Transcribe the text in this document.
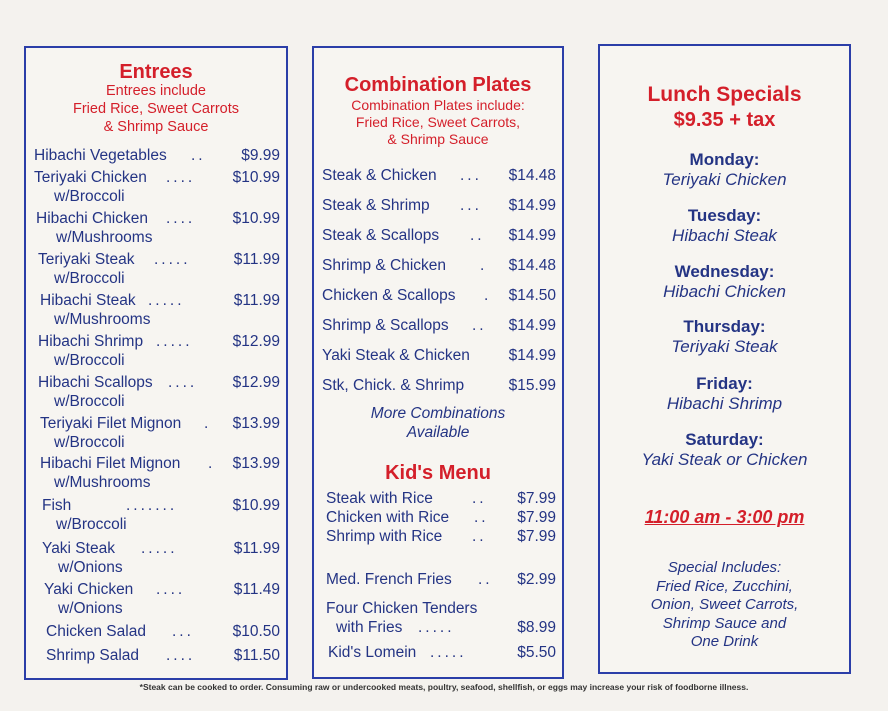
Entrees
Entrees include
Fried Rice, Sweet Carrots
& Shrimp Sauce
Hibachi Vegetables .. $9.99
Teriyaki Chicken .... $10.99
w/Broccoli
Hibachi Chicken .... $10.99
w/Mushrooms
Teriyaki Steak .....	$11.99
w/Broccoli
Hibachi Steak .....	$11.99
w/Mushrooms
Hibachi Shrimp .....	$12.99
w/Broccoli
Hibachi Scallops .... $12.99
w/Broccoli
Teriyaki Filet Mignon . $13.99
w/Broccoli
Hibachi Filet Mignon . $13.99
w/Mushrooms
Fish	.......	$10.99
w/Broccoli
Yaki Steak .....	$11.99
w/Onions
Yaki Chicken ....	$11.49
w/Onions
Chicken Salad ... $10.50
Shrimp Salad .... $11.50
Combination Plates
Combination Plates include:
Fried Rice, Sweet Carrots,
& Shrimp Sauce
Steak & Chicken ... $14.48
Steak & Shrimp ... $14.99
Steak & Scallops .. $14.99
Shrimp & Chicken . $14.48
Chicken & Scallops . $14.50
Shrimp & Scallops .. $14.99
Yaki Steak & Chicken $14.99
Stk, Chick. & Shrimp	$15.99
More Combinations
Available
Kid's Menu
Steak with Rice	.. $7.99
Chicken with Rice .. $7.99
Shrimp with Rice .. $7.99
Med. French Fries .. $2.99
Four Chicken Tenders
.....	$8.99
with Fries
Kid's Lomein .....	$5.50
Lunch Specials
$9.35 + tax
Monday:
Teriyaki Chicken
Tuesday:
Hibachi Steak
Wednesday:
Hibachi Chicken
Thursday:
Teriyaki Steak
Friday:
Hibachi Shrimp
Saturday:
Yaki Steak or Chicken
11:00 am - 3:00 pm
Special Includes:
Fried Rice, Zucchini,
Onion, Sweet Carrots,
Shrimp Sauce and
One Drink
*Steak can be cooked to order. Consuming raw or undercooked meats, poultry, seafood, shellfish, or eggs may increase your risk of foodborne illness.
